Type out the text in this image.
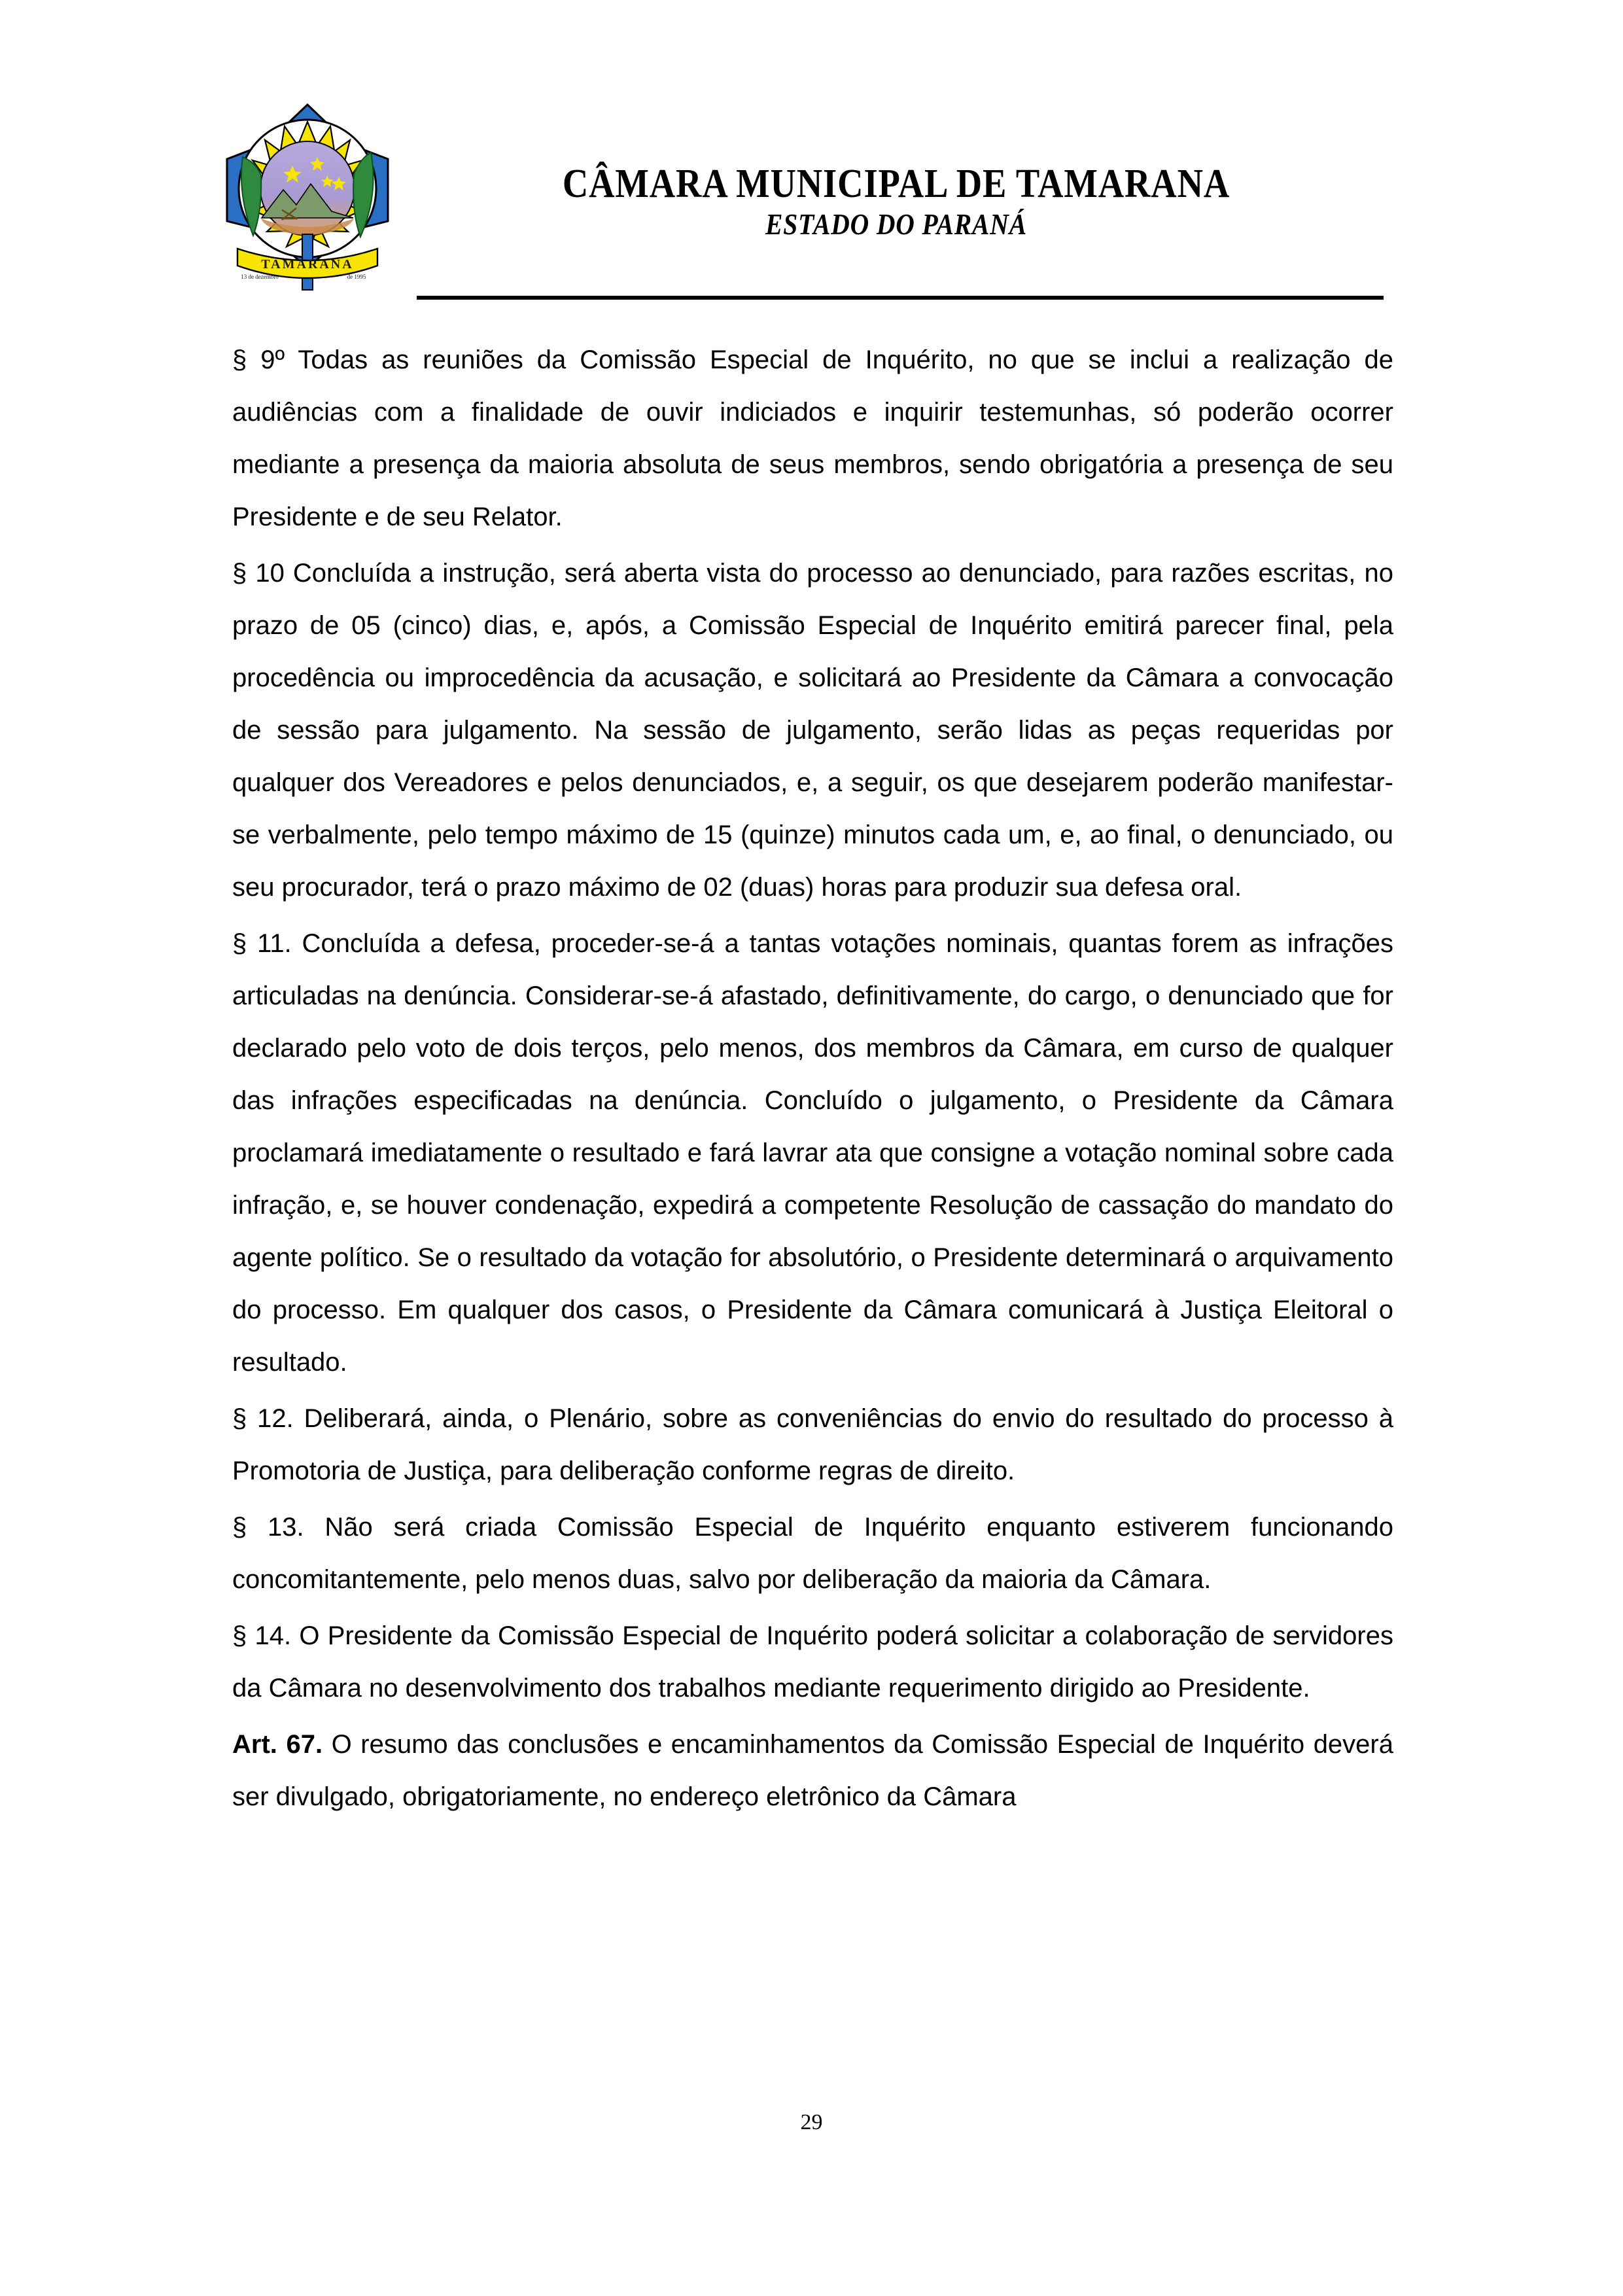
TAMARANA
13 de dezembro	de 1995
CÂMARA MUNICIPAL DE TAMARANA
ESTADO DO PARANÁ

§ 9º Todas as reuniões da Comissão Especial de Inquérito, no que se inclui a realização de audiências com a finalidade de ouvir indiciados e inquirir testemunhas, só poderão ocorrer mediante a presença da maioria absoluta de seus membros, sendo obrigatória a presença de seu Presidente e de seu Relator.

§ 10 Concluída a instrução, será aberta vista do processo ao denunciado, para razões escritas, no prazo de 05 (cinco) dias, e, após, a Comissão Especial de Inquérito emitirá parecer final, pela procedência ou improcedência da acusação, e solicitará ao Presidente da Câmara a convocação de sessão para julgamento. Na sessão de julgamento, serão lidas as peças requeridas por qualquer dos Vereadores e pelos denunciados, e, a seguir, os que desejarem poderão manifestar-se verbalmente, pelo tempo máximo de 15 (quinze) minutos cada um, e, ao final, o denunciado, ou seu procurador, terá o prazo máximo de 02 (duas) horas para produzir sua defesa oral.

§ 11. Concluída a defesa, proceder-se-á a tantas votações nominais, quantas forem as infrações articuladas na denúncia. Considerar-se-á afastado, definitivamente, do cargo, o denunciado que for declarado pelo voto de dois terços, pelo menos, dos membros da Câmara, em curso de qualquer das infrações especificadas na denúncia. Concluído o julgamento, o Presidente da Câmara proclamará imediatamente o resultado e fará lavrar ata que consigne a votação nominal sobre cada infração, e, se houver condenação, expedirá a competente Resolução de cassação do mandato do agente político. Se o resultado da votação for absolutório, o Presidente determinará o arquivamento do processo. Em qualquer dos casos, o Presidente da Câmara comunicará à Justiça Eleitoral o resultado.

§ 12. Deliberará, ainda, o Plenário, sobre as conveniências do envio do resultado do processo à Promotoria de Justiça, para deliberação conforme regras de direito.

§ 13. Não será criada Comissão Especial de Inquérito enquanto estiverem funcionando concomitantemente, pelo menos duas, salvo por deliberação da maioria da Câmara.

§ 14. O Presidente da Comissão Especial de Inquérito poderá solicitar a colaboração de servidores da Câmara no desenvolvimento dos trabalhos mediante requerimento dirigido ao Presidente.

Art. 67. O resumo das conclusões e encaminhamentos da Comissão Especial de Inquérito deverá ser divulgado, obrigatoriamente, no endereço eletrônico da Câmara

29
